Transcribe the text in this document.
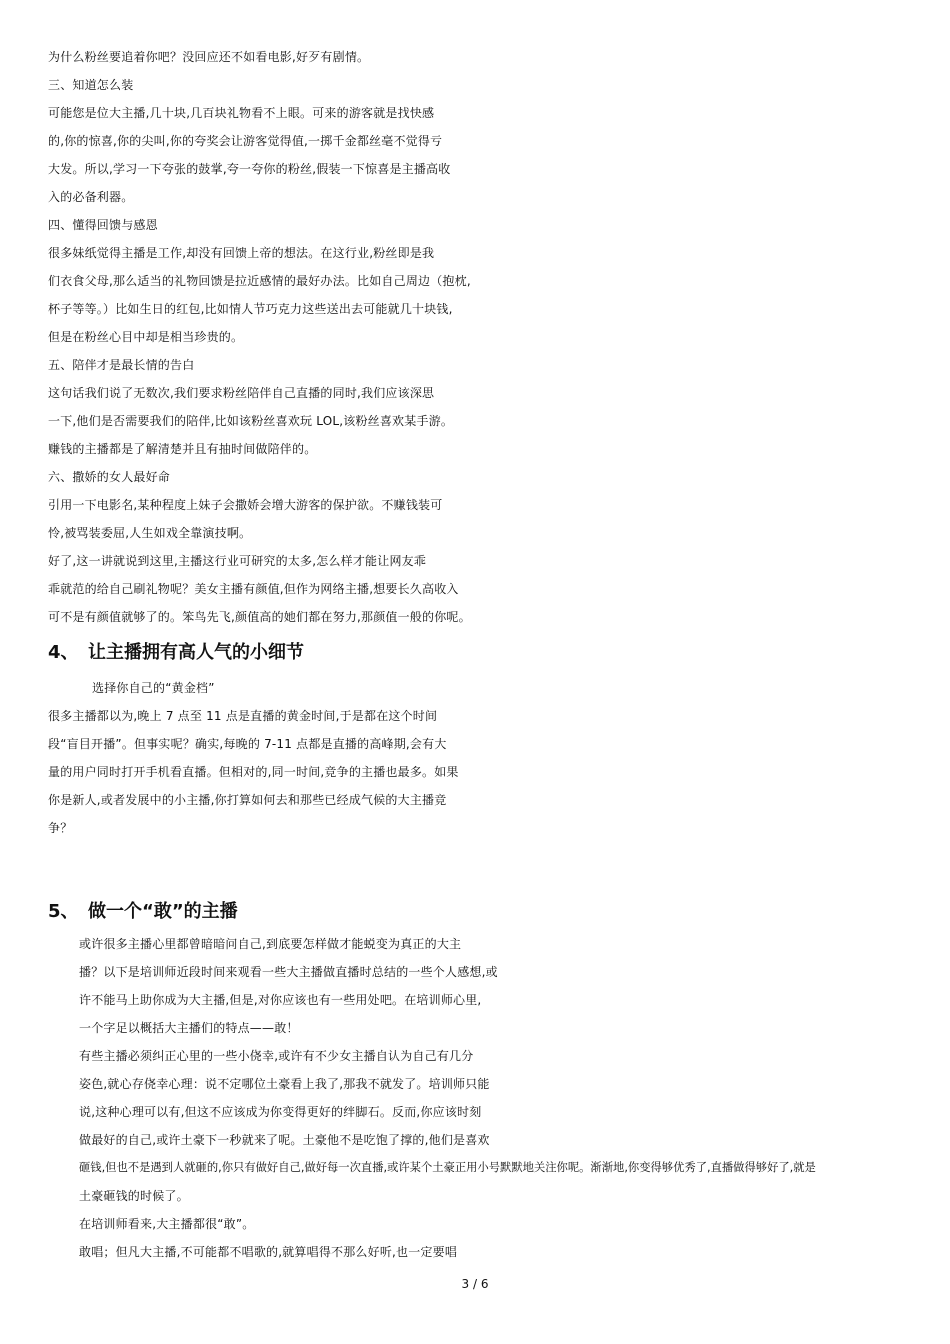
为什么粉丝要追着你吧？没回应还不如看电影,好歹有剧情。
三、知道怎么装
可能您是位大主播,几十块,几百块礼物看不上眼。可来的游客就是找快感
的,你的惊喜,你的尖叫,你的夸奖会让游客觉得值,一掷千金都丝毫不觉得亏
大发。所以,学习一下夸张的鼓掌,夸一夸你的粉丝,假装一下惊喜是主播高收
入的必备利器。
四、懂得回馈与感恩
很多妹纸觉得主播是工作,却没有回馈上帝的想法。在这行业,粉丝即是我
们衣食父母,那么适当的礼物回馈是拉近感情的最好办法。比如自己周边（抱枕,
杯子等等。）比如生日的红包,比如情人节巧克力这些送出去可能就几十块钱,
但是在粉丝心目中却是相当珍贵的。
五、陪伴才是最长情的告白
这句话我们说了无数次,我们要求粉丝陪伴自己直播的同时,我们应该深思
一下,他们是否需要我们的陪伴,比如该粉丝喜欢玩 LOL,该粉丝喜欢某手游。
赚钱的主播都是了解清楚并且有抽时间做陪伴的。
六、撒娇的女人最好命
引用一下电影名,某种程度上妹子会撒娇会增大游客的保护欲。不赚钱装可
怜,被骂装委屈,人生如戏全靠演技啊。
好了,这一讲就说到这里,主播这行业可研究的太多,怎么样才能让网友乖
乖就范的给自己刷礼物呢？美女主播有颜值,但作为网络主播,想要长久高收入
可不是有颜值就够了的。笨鸟先飞,颜值高的她们都在努力,那颜值一般的你呢。
4、 让主播拥有高人气的小细节
选择你自己的“黄金档”
很多主播都以为,晚上 7 点至 11 点是直播的黄金时间,于是都在这个时间
段“盲目开播”。但事实呢？确实,每晚的 7-11 点都是直播的高峰期,会有大
量的用户同时打开手机看直播。但相对的,同一时间,竞争的主播也最多。如果
你是新人,或者发展中的小主播,你打算如何去和那些已经成气候的大主播竞
争？
5、 做一个“敢”的主播
或许很多主播心里都曾暗暗问自己,到底要怎样做才能蜕变为真正的大主
播？以下是培训师近段时间来观看一些大主播做直播时总结的一些个人感想,或
许不能马上助你成为大主播,但是,对你应该也有一些用处吧。在培训师心里,
一个字足以概括大主播们的特点——敢！
有些主播必须纠正心里的一些小侥幸,或许有不少女主播自认为自己有几分
姿色,就心存侥幸心理：说不定哪位土豪看上我了,那我不就发了。培训师只能
说,这种心理可以有,但这不应该成为你变得更好的绊脚石。反而,你应该时刻
做最好的自己,或许土豪下一秒就来了呢。土豪他不是吃饱了撑的,他们是喜欢
砸钱,但也不是遇到人就砸的,你只有做好自己,做好每一次直播,或许某个土豪正用小号默默地关注你呢。渐渐地,你变得够优秀了,直播做得够好了,就是
土豪砸钱的时候了。
在培训师看来,大主播都很“敢”。
敢唱；但凡大主播,不可能都不唱歌的,就算唱得不那么好听,也一定要唱
3 / 6
